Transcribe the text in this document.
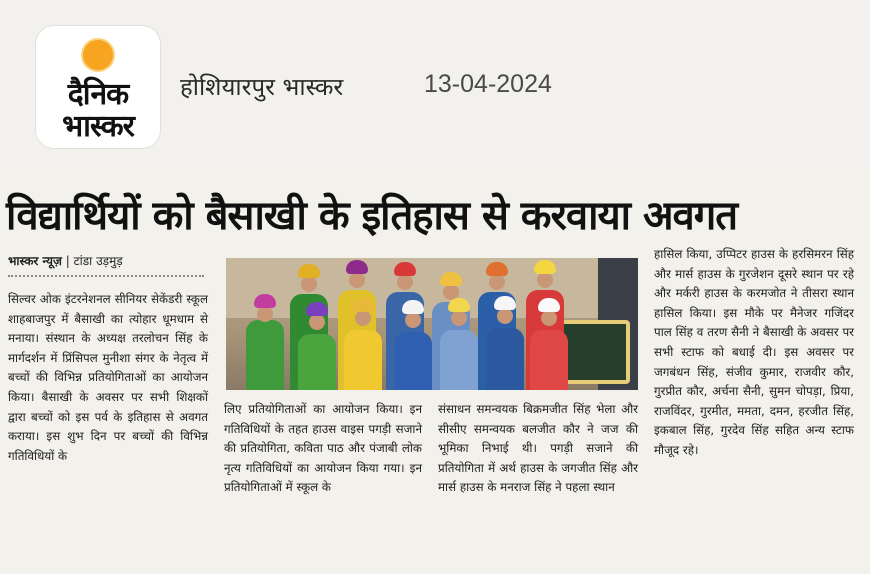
दैनिक
भास्कर
होशियारपुर भास्कर	13-04-2024
विद्यार्थियों को बैसाखी के इतिहास से करवाया अवगत
भास्कर न्यूज़ | टांडा उड़मुड़
सिल्वर ओक इंटरनेशनल सीनियर सेकेंडरी स्कूल शाहबाजपुर में बैसाखी का त्योहार धूमधाम से मनाया। संस्थान के अध्यक्ष तरलोचन सिंह के मार्गदर्शन में प्रिंसिपल मुनीशा संगर के नेतृत्व में बच्चों की विभिन्न प्रतियोगिताओं का आयोजन किया। बैसाखी के अवसर पर सभी शिक्षकों द्वारा बच्चों को इस पर्व के इतिहास से अवगत कराया। इस शुभ दिन पर बच्चों की विभिन्न गतिविधियों के
लिए प्रतियोगिताओं का आयोजन किया। इन गतिविधियों के तहत हाउस वाइस पगड़ी सजाने की प्रतियोगिता, कविता पाठ और पंजाबी लोक नृत्य गतिविधियों का आयोजन किया गया। इन प्रतियोगिताओं में स्कूल के
संसाधन समन्वयक बिक्रमजीत सिंह भेला और सीसीए समन्वयक बलजीत कौर ने जज की भूमिका निभाई थी। पगड़ी सजाने की प्रतियोगिता में अर्थ हाउस के जगजीत सिंह और मार्स हाउस के मनराज सिंह ने पहला स्थान
हासिल किया, उप्पिटर हाउस के हरसिमरन सिंह और मार्स हाउस के गुरजेशन दूसरे स्थान पर रहे और मर्करी हाउस के करमजोत ने तीसरा स्थान हासिल किया। इस मौके पर मैनेजर गजिंदर पाल सिंह व तरण सैनी ने बैसाखी के अवसर पर सभी स्टाफ को बधाई दी। इस अवसर पर जगबंधन सिंह, संजीव कुमार, राजवीर कौर, गुरप्रीत कौर, अर्चना सैनी, सुमन चोपड़ा, प्रिया, राजविंदर, गुरमीत, ममता, दमन, हरजीत सिंह, इकबाल सिंह, गुरदेव सिंह सहित अन्य स्टाफ मौजूद रहे।
